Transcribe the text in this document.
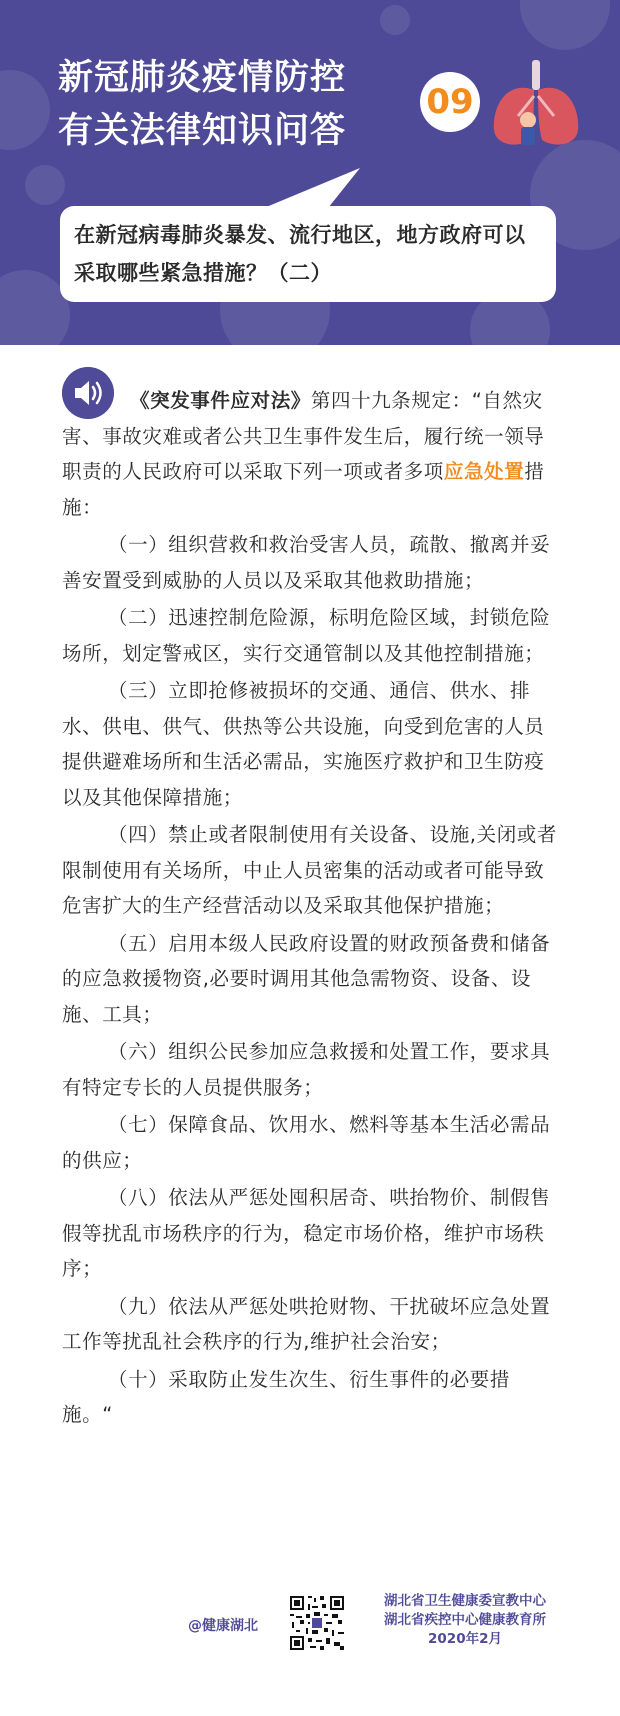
新冠肺炎疫情防控
有关法律知识问答
09
在新冠病毒肺炎暴发、流行地区，地方政府可以采取哪些紧急措施？（二）

《突发事件应对法》第四十九条规定：“自然灾害、事故灾难或者公共卫生事件发生后，履行统一领导职责的人民政府可以采取下列一项或者多项应急处置措施：

（一）组织营救和救治受害人员，疏散、撤离并妥善安置受到威胁的人员以及采取其他救助措施；

（二）迅速控制危险源，标明危险区域，封锁危险场所，划定警戒区，实行交通管制以及其他控制措施；

（三）立即抢修被损坏的交通、通信、供水、排水、供电、供气、供热等公共设施，向受到危害的人员提供避难场所和生活必需品，实施医疗救护和卫生防疫以及其他保障措施；

（四）禁止或者限制使用有关设备、设施,关闭或者限制使用有关场所，中止人员密集的活动或者可能导致危害扩大的生产经营活动以及采取其他保护措施；

（五）启用本级人民政府设置的财政预备费和储备的应急救援物资,必要时调用其他急需物资、设备、设施、工具；

（六）组织公民参加应急救援和处置工作，要求具有特定专长的人员提供服务；

（七）保障食品、饮用水、燃料等基本生活必需品的供应；

（八）依法从严惩处囤积居奇、哄抬物价、制假售假等扰乱市场秩序的行为，稳定市场价格，维护市场秩序；

（九）依法从严惩处哄抢财物、干扰破坏应急处置工作等扰乱社会秩序的行为,维护社会治安；

（十）采取防止发生次生、衍生事件的必要措施。“

@健康湖北
湖北省卫生健康委宣教中心
湖北省疾控中心健康教育所
2020年2月
